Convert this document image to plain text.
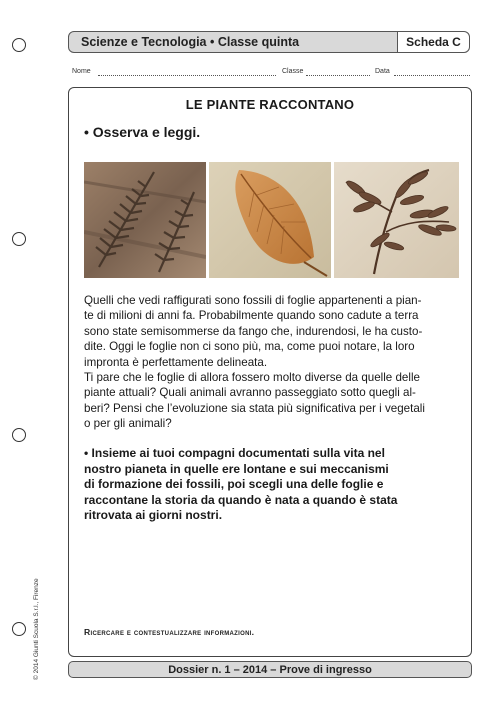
Scienze e Tecnologia • Classe quinta	Scheda C
Nome	Classe	Data
LE PIANTE RACCONTANO
• Osserva e leggi.
Quelli che vedi raffigurati sono fossili di foglie appartenenti a pian-
te di milioni di anni fa. Probabilmente quando sono cadute a terra
sono state semisommerse da fango che, indurendosi, le ha custo-
dite. Oggi le foglie non ci sono più, ma, come puoi notare, la loro
impronta è perfettamente delineata.
Ti pare che le foglie di allora fossero molto diverse da quelle delle
piante attuali? Quali animali avranno passeggiato sotto quegli al-
beri? Pensi che l’evoluzione sia stata più significativa per i vegetali
o per gli animali?
• Insieme ai tuoi compagni documentati sulla vita nel
nostro pianeta in quelle ere lontane e sui meccanismi
di formazione dei fossili, poi scegli una delle foglie e
raccontane la storia da quando è nata a quando è stata
ritrovata ai giorni nostri.
Ricercare e contestualizzare informazioni.
© 2014 Giunti Scuola S.r.l., Firenze	Dossier n. 1 – 2014 – Prove di ingresso
